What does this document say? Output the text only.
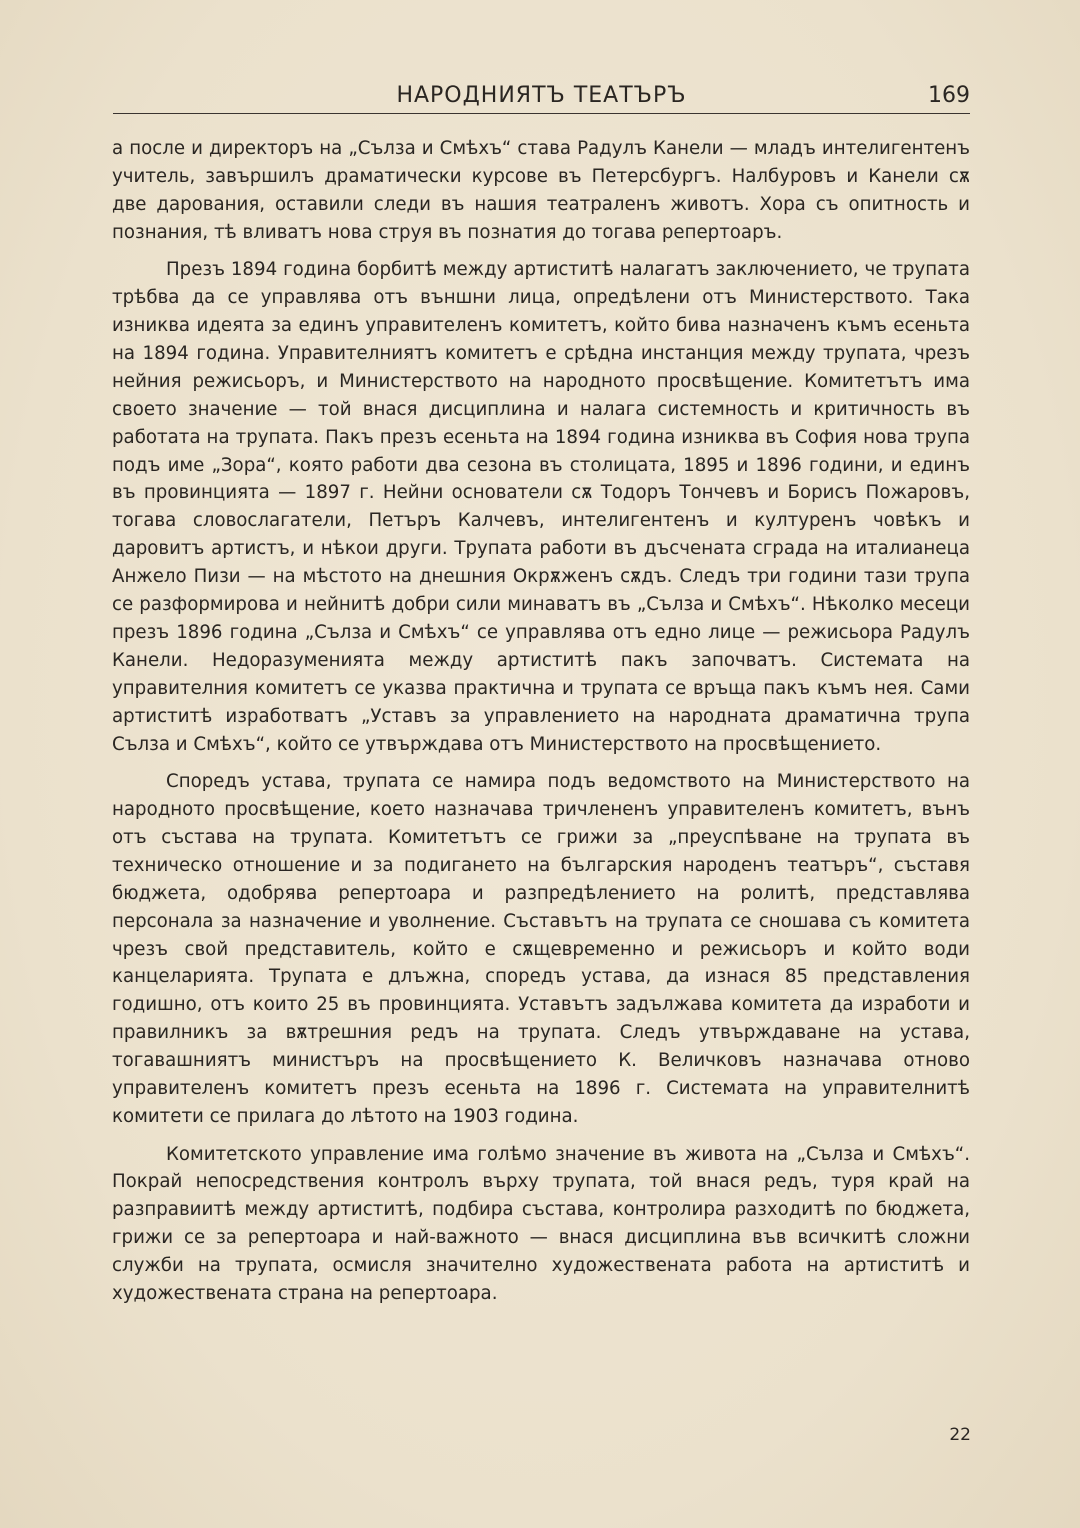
НАРОДНИЯТЪ ТЕАТЪРЪ	169

а после и директоръ на „Сълза и Смѣхъ“ става Радулъ Канели — младъ интелигентенъ учитель, завършилъ драматически курсове въ Петерсбургъ. Налбуровъ и Канели сѫ две дарования, оставили следи въ нашия театраленъ животъ. Хора съ опитность и познания, тѣ вливатъ нова струя въ познатия до тогава репертоаръ.

Презъ 1894 година борбитѣ между артиститѣ налагатъ заключението, че трупата трѣбва да се управлява отъ външни лица, опредѣлени отъ Министерството. Така изниква идеята за единъ управителенъ комитетъ, който бива назначенъ къмъ есеньта на 1894 година. Управителниятъ комитетъ е срѣдна инстанция между трупата, чрезъ нейния режисьоръ, и Министерството на народното просвѣщение. Комитетътъ има своето значение — той внася дисциплина и налага системность и критичность въ работата на трупата. Пакъ презъ есеньта на 1894 година изниква въ София нова трупа подъ име „Зора“, която работи два сезона въ столицата, 1895 и 1896 години, и единъ въ провинцията — 1897 г. Нейни основатели сѫ Тодоръ Тончевъ и Борисъ Пожаровъ, тогава словослагатели, Петъръ Калчевъ, интелигентенъ и културенъ човѣкъ и даровитъ артистъ, и нѣкои други. Трупата работи въ дъсчената сграда на италианеца Анжело Пизи — на мѣстото на днешния Окрѫженъ сѫдъ. Следъ три години тази трупа се разформирова и нейнитѣ добри сили минаватъ въ „Сълза и Смѣхъ“. Нѣколко месеци презъ 1896 година „Сълза и Смѣхъ“ се управлява отъ едно лице — режисьора Радулъ Канели. Недоразуменията между артиститѣ пакъ започватъ. Системата на управителния комитетъ се указва практична и трупата се връща пакъ къмъ нея. Сами артиститѣ изработватъ „Уставъ за управлението на народната драматична трупа Сълза и Смѣхъ“, който се утвърждава отъ Министерството на просвѣщението.

Споредъ устава, трупата се намира подъ ведомството на Министерството на народното просвѣщение, което назначава тричлененъ управителенъ комитетъ, вънъ отъ състава на трупата. Комитетътъ се грижи за „преуспѣване на трупата въ техническо отношение и за подигането на българския народенъ театъръ“, съставя бюджета, одобрява репертоара и разпредѣлението на ролитѣ, представлява персонала за назначение и уволнение. Съставътъ на трупата се сношава съ комитета чрезъ свой представитель, който е сѫщевременно и режисьоръ и който води канцеларията. Трупата е длъжна, споредъ устава, да изнася 85 представления годишно, отъ които 25 въ провинцията. Уставътъ задължава комитета да изработи и правилникъ за вѫтрешния редъ на трупата. Следъ утвърждаване на устава, тогавашниятъ министъръ на просвѣщението К. Величковъ назначава отново управителенъ комитетъ презъ есеньта на 1896 г. Системата на управителнитѣ комитети се прилага до лѣтото на 1903 година.

Комитетското управление има голѣмо значение въ живота на „Сълза и Смѣхъ“. Покрай непосредствения контролъ върху трупата, той внася редъ, туря край на разправиитѣ между артиститѣ, подбира състава, контролира разходитѣ по бюджета, грижи се за репертоара и най-важното — внася дисциплина във всичкитѣ сложни служби на трупата, осмисля значително художествената работа на артиститѣ и художествената страна на репертоара.

22
